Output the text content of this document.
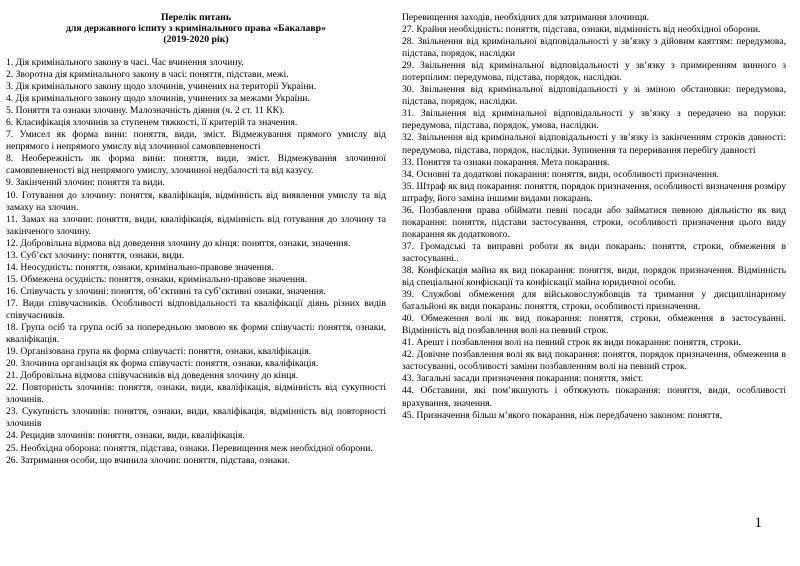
Перелік питань
для державного іспиту з кримінального права «Бакалавр»
(2019-2020 рік)

1. Дія кримінального закону в часі. Час вчинення злочину.

2. Зворотна дія кримінального закону в часі: поняття, підстави, межі.

3. Дія кримінального закону щодо злочинів, учинених на території України.

4. Дія кримінального закону щодо злочинів, учинених за межами України.

5. Поняття та ознаки злочину. Малозначність діяння (ч. 2 ст. 11 КК).

6. Класифікація злочинів за ступенем тяжкості, її критерій та значення.

7. Умисел як форма вини: поняття, види, зміст. Відмежування прямого умислу від непрямого і непрямого умислу від злочинної самовпевненості

8. Необережність як форма вини: поняття, види, зміст. Відмежування злочинної самовпевненості від непрямого умислу, злочинної недбалості та від казусу.

9. Закінчений злочин: поняття та види.

10. Готування до злочину: поняття, кваліфікація, відмінність від виявлення умислу та від замаху на злочин.

11. Замах на злочин: поняття, види, кваліфікація, відмінність від готування до злочину та закінченого злочину.

12. Добровільна відмова від доведення злочину до кінця: поняття, ознаки, значення.

13. Суб’єкт злочину: поняття, ознаки, види.

14. Неосудність: поняття, ознаки, кримінально-правове значення.

15. Обмежена осудність: поняття, ознаки, кримінально-правове значення.

16. Співучасть у злочині: поняття, об’єктивні та суб’єктивні ознаки, значення.

17. Види співучасників. Особливості відповідальності та кваліфікації діянь різних видів співучасників.

18. Група осіб та група осіб за попередньою змовою як форми співучасті: поняття, ознаки, кваліфікація.

19. Організована група як форма співучасті: поняття, ознаки, кваліфікація.

20. Злочинна організація як форма співучасті: поняття, ознаки, кваліфікація.

21. Добровільна відмова співучасників від доведення злочину до кінця.

22. Повторність злочинів: поняття, ознаки, види, кваліфікація, відмінність від сукупності злочинів.

23. Сукупність злочинів: поняття, ознаки, види, кваліфікація, відмінність від повторності злочинів

24. Рецидив злочинів: поняття, ознаки, види, кваліфікація.

25. Необхідна оборона: поняття, підстава, ознаки. Перевищення меж необхідної оборони.

26. Затримання особи, що вчинила злочин: поняття, підстава, ознаки.

Перевищення заходів, необхідних для затримання злочинця.

27. Крайня необхідність: поняття, підстава, ознаки, відмінність від необхідної оборони.

28. Звільнення від кримінальної відповідальності у зв’язку з дійовим каяттям: передумова, підстава, порядок, наслідки

29. Звільнення від кримінальної відповідальності у зв’язку з примиренням винного з потерпілим: передумова, підстава, порядок, наслідки.

30. Звільнення від кримінальної відповідальності у зі зміною обстановки: передумова, підстава, порядок, наслідки.

31. Звільнення від кримінальної відповідальності у зв’язку з передачею на поруки: передумова, підстава, порядок, умова, наслідки.

32. Звільнення від кримінальної відповідальності у зв’язку із закінченням строків давності: передумова, підстава, порядок, наслідки. Зупинення та переривання перебігу давності

33. Поняття та ознаки покарання. Мета покарання.

34. Основні та додаткові покарання: поняття, види, особливості призначення.

35. Штраф як вид покарання: поняття, порядок призначення, особливості визначення розміру штрафу, його заміна іншими видами покарань.

36. Позбавлення права обіймати певні посади або займатися певною діяльністю як вид покарання: поняття, підстави застосування, строки, особливості призначення цього виду покарання як додаткового.

37. Громадські та виправні роботи як види покарань: поняття, строки, обмеження в застосуванні..

38. Конфіскація майна як вид покарання: поняття, види, порядок призначення. Відмінність від спеціальної конфіскації та конфіскації майна юридичної особи.

39. Службові обмеження для військовослужбовців та тримання у дисциплінарному батальйоні як види покарань: поняття, строки, особливості призначення.

40. Обмеження волі як вид покарання: поняття, строки, обмеження в застосуванні. Відмінність від позбавлення волі на певний строк.

41. Арешт і позбавлення волі на певний строк як види покарання: поняття, строки.

42. Довічне позбавлення волі як вид покарання: поняття, порядок призначення, обмеження в застосуванні, особливості заміни позбавленням волі на певний строк.

43. Загальні засади призначення покарання: поняття, зміст.

44. Обставини, які пом’якшують і обтяжують покарання: поняття, види, особливості врахування, значення.

45. Призначення більш м’якого покарання, ніж передбачено законом: поняття,

1
